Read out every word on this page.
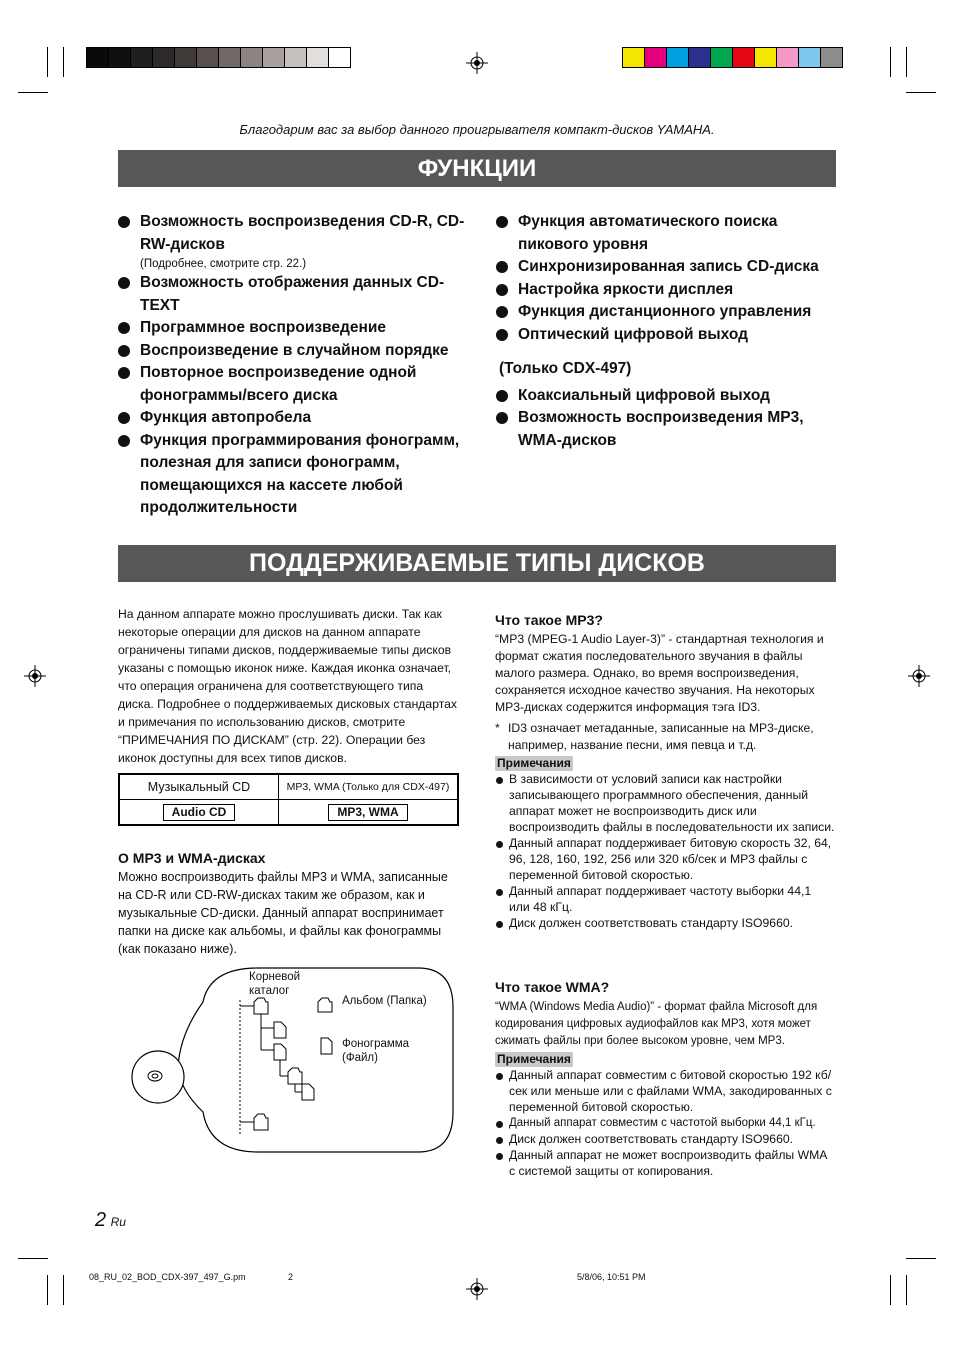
Благодарим вас за выбор данного проигрывателя компакт-дисков YAMAHA.
ФУНКЦИИ
Возможность воспроизведения CD-R, CD-RW-дисков
(Подробнее, смотрите стр. 22.)
Возможность отображения данных CD-TEXT
Программное воспроизведение
Воспроизведение в случайном порядке
Повторное воспроизведение одной фонограммы/всего диска
Функция автопробела
Функция программирования фонограмм, полезная для записи фонограмм, помещающихся на кассете любой продолжительности
Функция автоматического поиска пикового уровня
Синхронизированная запись CD-диска
Настройка яркости дисплея
Функция дистанционного управления
Оптический цифровой выход
(Только CDX-497)
Коаксиальный цифровой выход
Возможность воспроизведения MP3, WMA-дисков
ПОДДЕРЖИВАЕМЫЕ ТИПЫ ДИСКОВ
На данном аппарате можно прослушивать диски. Так как некоторые операции для дисков на данном аппарате ограничены типами дисков, поддерживаемые типы дисков указаны с помощью иконок ниже. Каждая иконка означает, что операция ограничена для соответствующего типа диска. Подробнее о поддерживаемых дисковых стандартах и примечания по использованию дисков, смотрите “ПРИМЕЧАНИЯ ПО ДИСКАМ” (стр. 22). Операции без иконок доступны для всех типов дисков.
Музыкальный CD	MP3, WMA (Только для CDX-497)
Audio CD	MP3, WMA
О MP3 и WMA-дисках
Можно воспроизводить файлы MP3 и WMA, записанные на CD-R или CD-RW-дисках таким же образом, как и музыкальные CD-диски. Данный аппарат воспринимает папки на диске как альбомы, и файлы как фонограммы (как показано ниже).
Корневой каталог
Альбом (Папка)
Фонограмма (Файл)
Что такое MP3?
“MP3 (MPEG-1 Audio Layer-3)” - стандартная технология и формат сжатия последовательного звучания в файлы малого размера. Однако, во время воспроизведения, сохраняется исходное качество звучания. На некоторых MP3-дисках содержится информация тэга ID3.
* ID3 означает метаданные, записанные на MP3-диске, например, название песни, имя певца и т.д.
Примечания
В зависимости от условий записи как настройки записывающего программного обеспечения, данный аппарат может не воспроизводить диск или воспроизводить файлы в последовательности их записи.
Данный аппарат поддерживает битовую скорость 32, 64, 96, 128, 160, 192, 256 или 320 кб/сек и MP3 файлы с переменной битовой скоростью.
Данный аппарат поддерживает частоту выборки 44,1 или 48 кГц.
Диск должен соответствовать стандарту ISO9660.
Что такое WMA?
“WMA (Windows Media Audio)” - формат файла Microsoft для кодирования цифровых аудиофайлов как MP3, хотя может сжимать файлы при более высоком уровне, чем MP3.
Примечания
Данный аппарат совместим с битовой скоростью 192 кб/сек или меньше или с файлами WMA, закодированных с переменной битовой скоростью.
Данный аппарат совместим с частотой выборки 44,1 кГц.
Диск должен соответствовать стандарту ISO9660.
Данный аппарат не может воспроизводить файлы WMA с системой защиты от копирования.
2 Ru
08_RU_02_BOD_CDX-397_497_G.pm	2	5/8/06, 10:51 PM
